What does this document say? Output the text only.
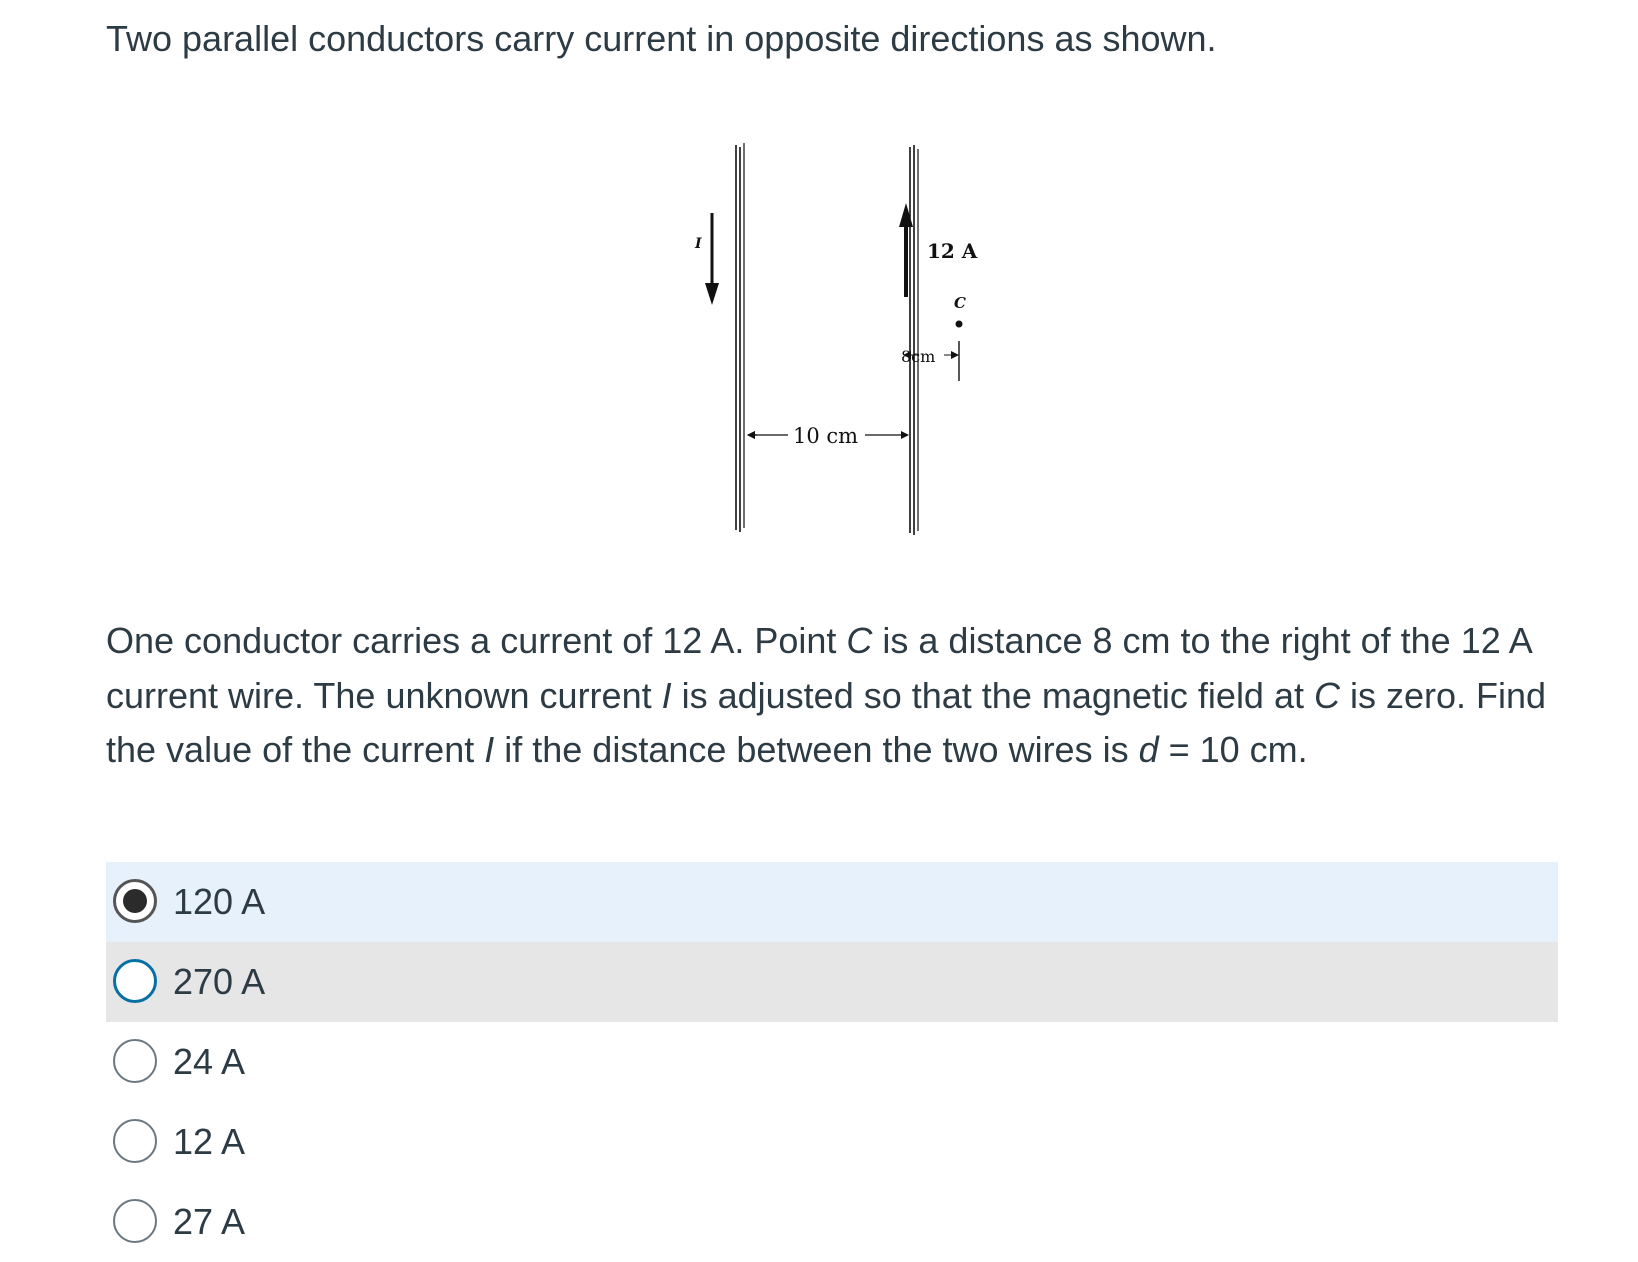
Two parallel conductors carry current in opposite directions as shown.

I	12 A
C
8cm
10 cm

One conductor carries a current of 12 A. Point C is a distance 8 cm to the right of the 12 A current wire. The unknown current I is adjusted so that the magnetic field at C is zero. Find the value of the current I if the distance between the two wires is d = 10 cm.

120 A
270 A
24 A
12 A
27 A
